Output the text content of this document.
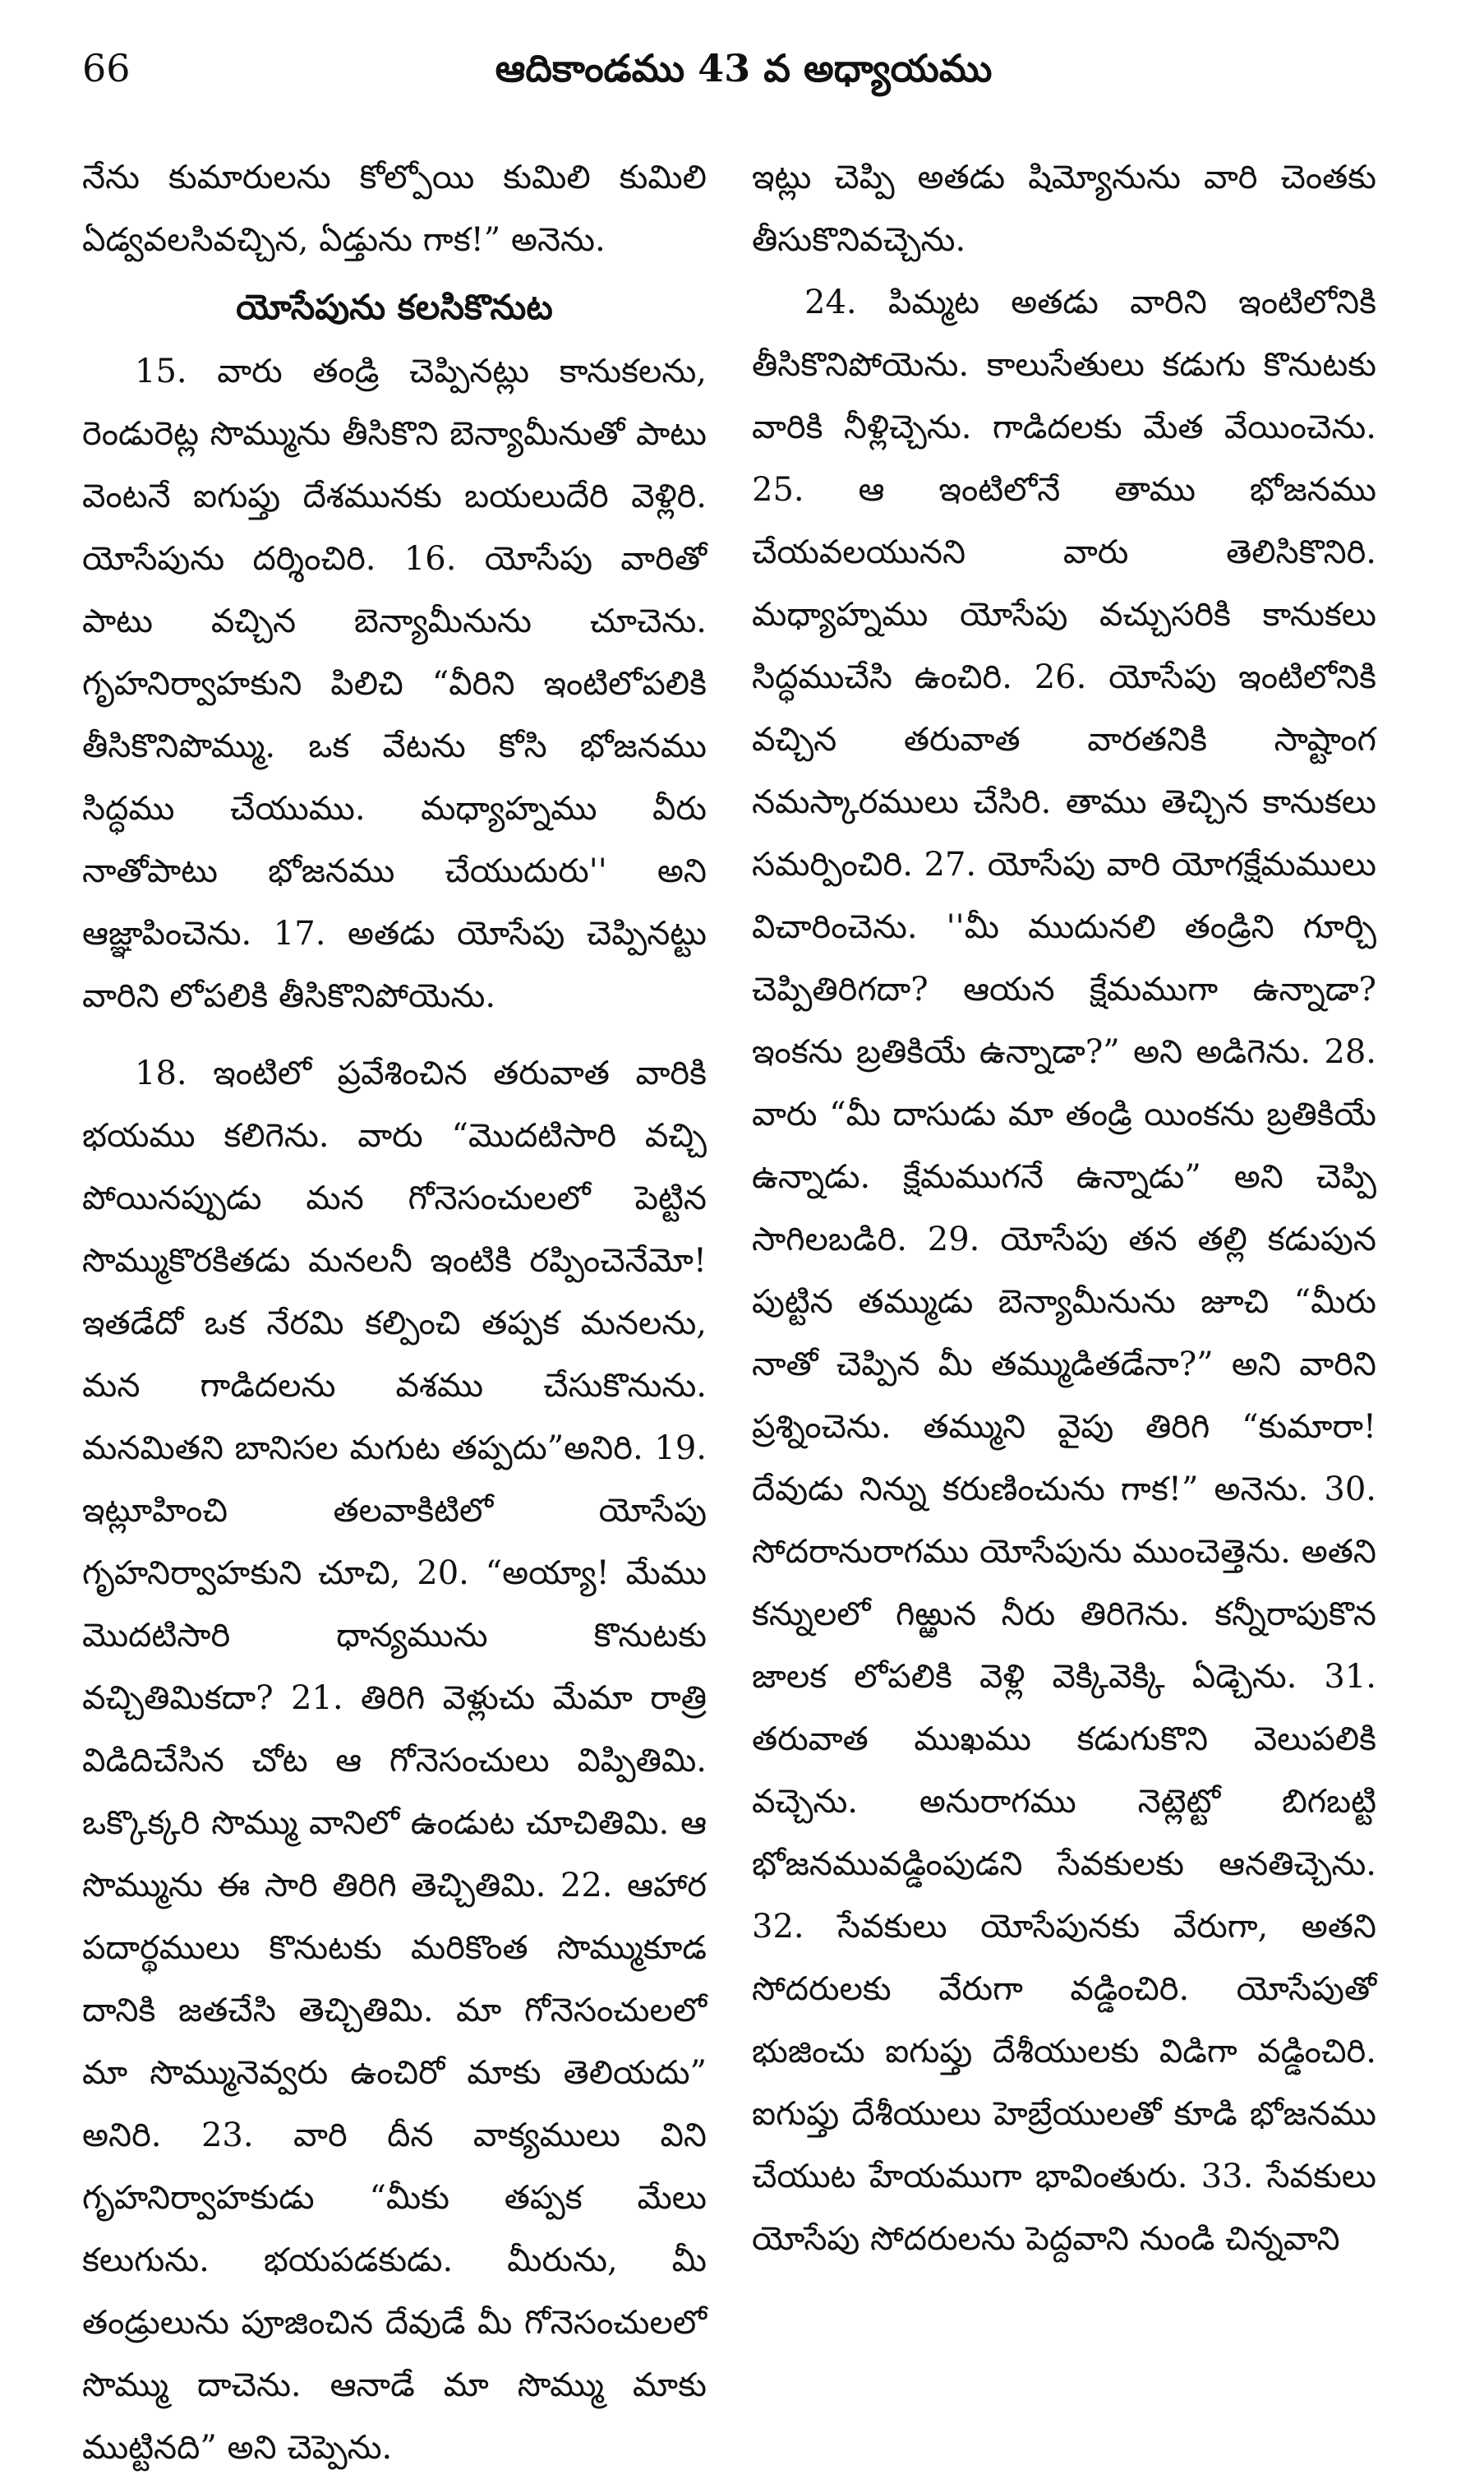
66	ఆదికాండము 43 వ అధ్యాయము

నేను కుమారులను కోల్పోయి కుమిలి కుమిలి ఏడ్వవలసివచ్చిన, ఏడ్తును గాక!” అనెను.

యోసేపును కలసికొనుట

15. వారు తండ్రి చెప్పినట్లు కానుకలను, రెండురెట్ల సొమ్మును తీసికొని బెన్యామీనుతో పాటు వెంటనే ఐగుప్తు దేశమునకు బయలుదేరి వెళ్లిరి. యోసేపును దర్శించిరి. 16. యోసేపు వారితో పాటు వచ్చిన బెన్యామీనును చూచెను. గృహనిర్వాహకుని పిలిచి “వీరిని ఇంటిలోపలికి తీసికొనిపొమ్ము. ఒక వేటను కోసి భోజనము సిద్ధము చేయుము. మధ్యాహ్నము వీరు నాతోపాటు భోజనము చేయుదురు'' అని ఆజ్ఞాపించెను. 17. అతడు యోసేపు చెప్పినట్టు వారిని లోపలికి తీసికొనిపోయెను.

18. ఇంటిలో ప్రవేశించిన తరువాత వారికి భయము కలిగెను. వారు “మొదటిసారి వచ్చి పోయినప్పుడు మన గోనెసంచులలో పెట్టిన సొమ్ముకొరకితడు మనలనీ ఇంటికి రప్పించెనేమో! ఇతడేదో ఒక నేరమి కల్పించి తప్పక మనలను, మన గాడిదలను వశము చేసుకొనును. మనమితని బానిసల మగుట తప్పదు”అనిరి. 19. ఇట్లూహించి తలవాకిటిలో యోసేపు గృహనిర్వాహకుని చూచి, 20. “అయ్యా! మేము మొదటిసారి ధాన్యమును కొనుటకు వచ్చితిమికదా? 21. తిరిగి వెళ్లుచు మేమా రాత్రి విడిదిచేసిన చోట ఆ గోనెసంచులు విప్పితిమి. ఒక్కొక్కరి సొమ్ము వానిలో ఉండుట చూచితిమి. ఆ సొమ్మును ఈ సారి తిరిగి తెచ్చితిమి. 22. ఆహార పదార్థములు కొనుటకు మరికొంత సొమ్ముకూడ దానికి జతచేసి తెచ్చితిమి. మా గోనెసంచులలో మా సొమ్మునెవ్వరు ఉంచిరో మాకు తెలియదు” అనిరి. 23. వారి దీన వాక్యములు విని గృహనిర్వాహకుడు “మీకు తప్పక మేలు కలుగును. భయపడకుడు. మీరును, మీ తండ్రులును పూజించిన దేవుడే మీ గోనెసంచులలో సొమ్ము దాచెను. ఆనాడే మా సొమ్ము మాకు ముట్టినది” అని చెప్పెను.

ఇట్లు చెప్పి అతడు షిమ్యోనును వారి చెంతకు తీసుకొనివచ్చెను.

24. పిమ్మట అతడు వారిని ఇంటిలోనికి తీసికొనిపోయెను. కాలుసేతులు కడుగు కొనుటకు వారికి నీళ్లిచ్చెను. గాడిదలకు మేత వేయించెను. 25. ఆ ఇంటిలోనే తాము భోజనము చేయవలయునని వారు తెలిసికొనిరి. మధ్యాహ్నము యోసేపు వచ్చుసరికి కానుకలు సిద్ధముచేసి ఉంచిరి. 26. యోసేపు ఇంటిలోనికి వచ్చిన తరువాత వారతనికి సాష్టాంగ నమస్కారములు చేసిరి. తాము తెచ్చిన కానుకలు సమర్పించిరి. 27. యోసేపు వారి యోగక్షేమములు విచారించెను. ''మీ ముదునలి తండ్రిని గూర్చి చెప్పితిరిగదా? ఆయన క్షేమముగా ఉన్నాడా? ఇంకను బ్రతికియే ఉన్నాడా?” అని అడిగెను. 28. వారు “మీ దాసుడు మా తండ్రి యింకను బ్రతికియే ఉన్నాడు. క్షేమముగనే ఉన్నాడు” అని చెప్పి సాగిలబడిరి. 29. యోసేపు తన తల్లి కడుపున పుట్టిన తమ్ముడు బెన్యామీనును జూచి “మీరు నాతో చెప్పిన మీ తమ్ముడితడేనా?” అని వారిని ప్రశ్నించెను. తమ్ముని వైపు తిరిగి “కుమారా! దేవుడు నిన్ను కరుణించును గాక!” అనెను. 30. సోదరానురాగము యోసేపును ముంచెత్తెను. అతని కన్నులలో గిఱ్ఱున నీరు తిరిగెను. కన్నీరాపుకొన జాలక లోపలికి వెళ్లి వెక్కివెక్కి ఏడ్చెను. 31. తరువాత ముఖము కడుగుకొని వెలుపలికి వచ్చెను. అనురాగము నెట్లెట్టో బిగబట్టి భోజనమువడ్డింపుడని సేవకులకు ఆనతిచ్చెను. 32. సేవకులు యోసేపునకు వేరుగా, అతని సోదరులకు వేరుగా వడ్డించిరి. యోసేపుతో భుజించు ఐగుప్తు దేశీయులకు విడిగా వడ్డించిరి. ఐగుప్తు దేశీయులు హెబ్రేయులతో కూడి భోజనము చేయుట హేయముగా భావింతురు. 33. సేవకులు యోసేపు సోదరులను పెద్దవాని నుండి చిన్నవాని
